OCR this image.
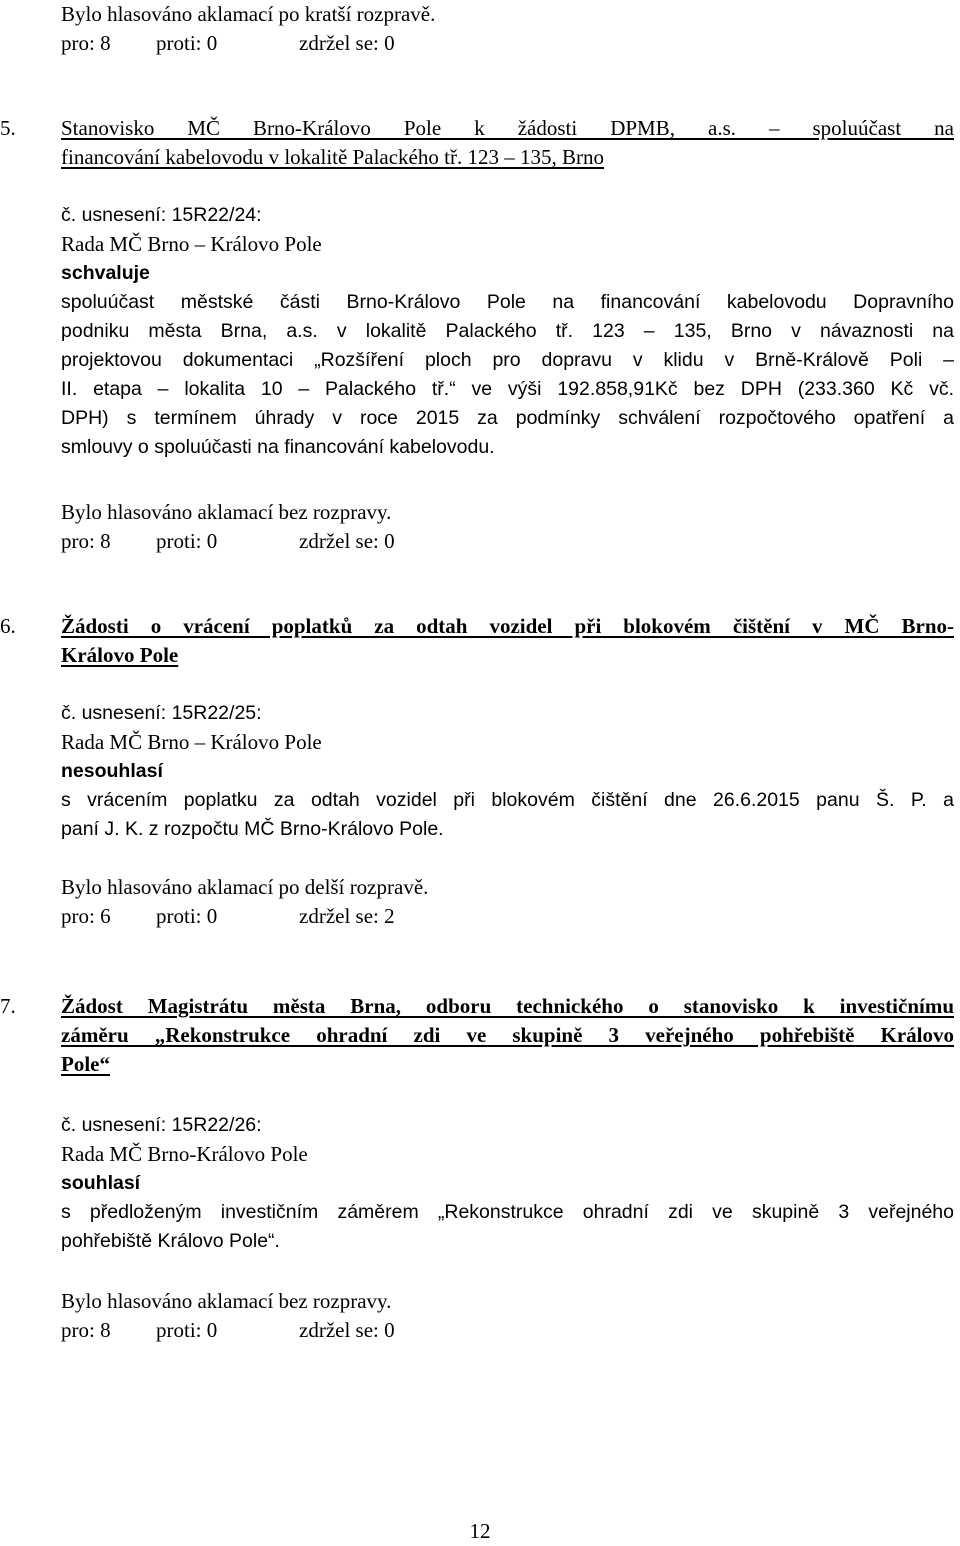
Bylo hlasováno aklamací po kratší rozpravě.

pro: 8 proti: 0	zdržel se: 0

5. Stanovisko MČ Brno-Královo Pole k žádosti DPMB, a.s. – spoluúčast na

financování kabelovodu v lokalitě Palackého tř. 123 – 135, Brno

č. usnesení: 15R22/24:

Rada MČ Brno – Královo Pole

schvaluje

spoluúčast městské části Brno-Královo Pole na financování kabelovodu Dopravního

podniku města Brna, a.s. v lokalitě Palackého tř. 123 – 135, Brno v návaznosti na

projektovou dokumentaci „Rozšíření ploch pro dopravu v klidu v Brně-Královĕ Poli –

II. etapa – lokalita 10 – Palackého tř.“ ve výši 192.858,91Kč bez DPH (233.360 Kč vč.

DPH) s termínem úhrady v roce 2015 za podmínky schválení rozpočtového opatření a

smlouvy o spoluúčasti na financování kabelovodu.

Bylo hlasováno aklamací bez rozpravy.

pro: 8 proti: 0	zdržel se: 0

6. Žádosti o vrácení poplatků za odtah vozidel při blokovém čištění v MČ Brno-

Královo Pole

č. usnesení: 15R22/25:

Rada MČ Brno – Královo Pole

nesouhlasí

s vrácením poplatku za odtah vozidel při blokovém čištění dne 26.6.2015 panu Š. P. a

paní J. K. z rozpočtu MČ Brno-Královo Pole.

Bylo hlasováno aklamací po delší rozpravě.

pro: 6 proti: 0	zdržel se: 2

7. Žádost Magistrátu města Brna, odboru technického o stanovisko k investičnímu

záměru „Rekonstrukce ohradní zdi ve skupině 3 veřejného pohřebiště Královo

Pole“

č. usnesení: 15R22/26:

Rada MČ Brno-Královo Pole

souhlasí

s předloženým investičním záměrem „Rekonstrukce ohradní zdi ve skupině 3 veřejného

pohřebiště Královo Pole“.

Bylo hlasováno aklamací bez rozpravy.

pro: 8 proti: 0	zdržel se: 0

12
